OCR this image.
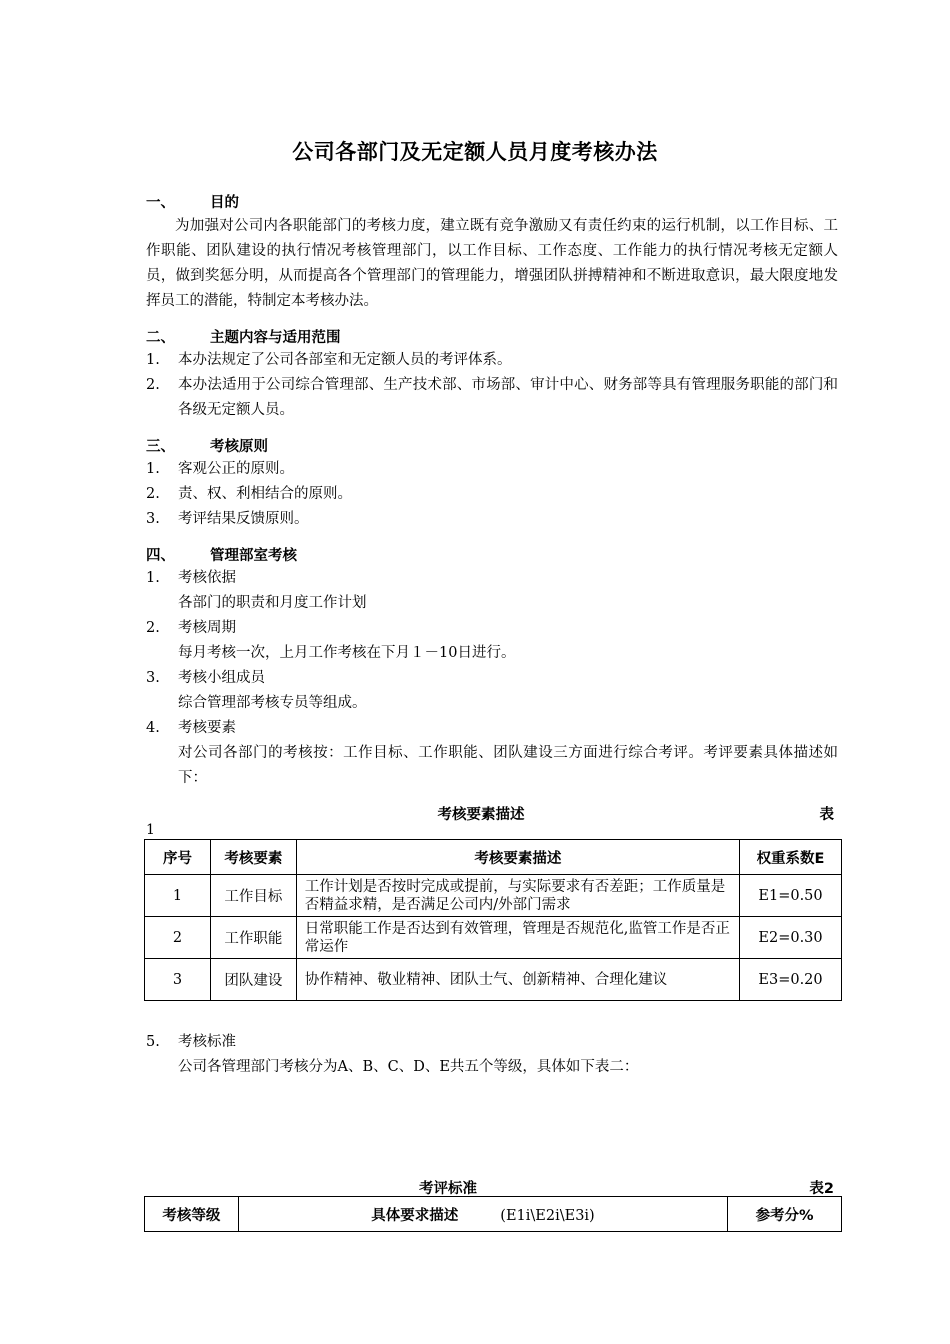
公司各部门及无定额人员月度考核办法
一、 目的
为加强对公司内各职能部门的考核力度，建立既有竞争激励又有责任约束的运行机制，以工作目标、工作职能、团队建设的执行情况考核管理部门，以工作目标、工作态度、工作能力的执行情况考核无定额人员，做到奖惩分明，从而提高各个管理部门的管理能力，增强团队拼搏精神和不断进取意识，最大限度地发挥员工的潜能，特制定本考核办法。
二、 主题内容与适用范围
1.	本办法规定了公司各部室和无定额人员的考评体系。
2.	本办法适用于公司综合管理部、生产技术部、市场部、审计中心、财务部等具有管理服务职能的部门和各级无定额人员。
三、 考核原则
1.	客观公正的原则。
2.	责、权、利相结合的原则。
3.	考评结果反馈原则。
四、 管理部室考核
1.	考核依据
各部门的职责和月度工作计划
2.	考核周期
每月考核一次，上月工作考核在下月１－10日进行。
3.	考核小组成员
综合管理部考核专员等组成。
4.	考核要素
对公司各部门的考核按：工作目标、工作职能、团队建设三方面进行综合考评。考评要素具体描述如下：
考核要素描述	表
1
序号	考核要素	考核要素描述	权重系数E
1	工作目标	工作计划是否按时完成或提前，与实际要求有否差距；工作质量是否精益求精，是否满足公司内/外部门需求	E1=0.50
2	工作职能	日常职能工作是否达到有效管理，管理是否规范化,监管工作是否正常运作	E2=0.30
3	团队建设	协作精神、敬业精神、团队士气、创新精神、合理化建议	E3=0.20
5.	考核标准
公司各管理部门考核分为A、B、C、D、E共五个等级，具体如下表二：
考评标准	表2
考核等级	具体要求描述	(E1i\E2i\E3i)	参考分%
